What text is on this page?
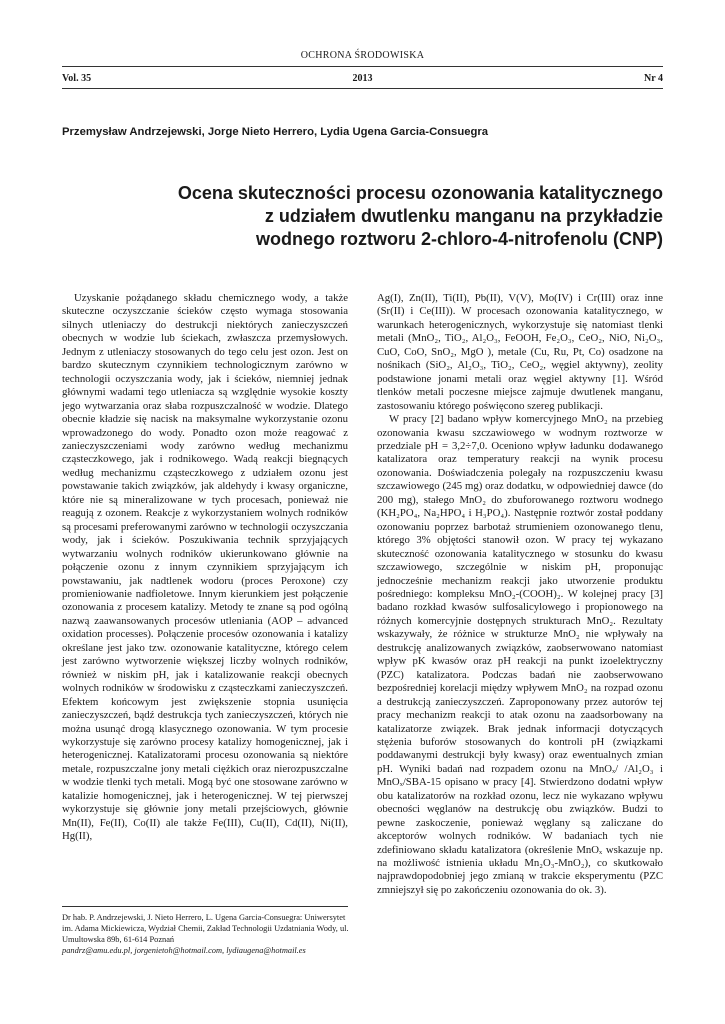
OCHRONA ŚRODOWISKA
2013
Vol. 35	Nr 4
Przemysław Andrzejewski, Jorge Nieto Herrero, Lydia Ugena Garcia-Consuegra
Ocena skuteczności procesu ozonowania katalitycznego
z udziałem dwutlenku manganu na przykładzie
wodnego roztworu 2-chloro-4-nitrofenolu (CNP)

Uzyskanie pożądanego składu chemicznego wody, a także skuteczne oczyszczanie ścieków często wymaga stosowania silnych utleniaczy do destrukcji niektórych zanieczyszczeń obecnych w wodzie lub ściekach, zwłaszcza przemysłowych. Jednym z utleniaczy stosowanych do tego celu jest ozon. Jest on bardzo skutecznym czynnikiem technologicznym zarówno w technologii oczyszczania wody, jak i ścieków, niemniej jednak głównymi wadami tego utleniacza są względnie wysokie koszty jego wytwarzania oraz słaba rozpuszczalność w wodzie. Dlatego obecnie kładzie się nacisk na maksymalne wykorzystanie ozonu wprowadzonego do wody. Ponadto ozon może reagować z zanieczyszczeniami wody zarówno według mechanizmu cząsteczkowego, jak i rodnikowego. Wadą reakcji biegnących według mechanizmu cząsteczkowego z udziałem ozonu jest powstawanie takich związków, jak aldehydy i kwasy organiczne, które nie są mineralizowane w tych procesach, ponieważ nie reagują z ozonem. Reakcje z wykorzystaniem wolnych rodników są procesami preferowanymi zarówno w technologii oczyszczania wody, jak i ścieków. Poszukiwania technik sprzyjających wytwarzaniu wolnych rodników ukierunkowano głównie na połączenie ozonu z innym czynnikiem sprzyjającym ich powstawaniu, jak nadtlenek wodoru (proces Peroxone) czy promieniowanie nadfioletowe. Innym kierunkiem jest połączenie ozonowania z procesem katalizy. Metody te znane są pod ogólną nazwą zaawansowanych procesów utleniania (AOP – advanced oxidation processes). Połączenie procesów ozonowania i katalizy określane jest jako tzw. ozonowanie katalityczne, którego celem jest zarówno wytworzenie większej liczby wolnych rodników, również w niskim pH, jak i katalizowanie reakcji obecnych wolnych rodników w środowisku z cząsteczkami zanieczyszczeń. Efektem końcowym jest zwiększenie stopnia usunięcia zanieczyszczeń, bądź destrukcja tych zanieczyszczeń, których nie można usunąć drogą klasycznego ozonowania. W tym procesie wykorzystuje się zarówno procesy katalizy homogenicznej, jak i heterogenicznej. Katalizatorami procesu ozonowania są niektóre metale, rozpuszczalne jony metali ciężkich oraz nierozpuszczalne w wodzie tlenki tych metali. Mogą być one stosowane zarówno w katalizie homogenicznej, jak i heterogenicznej. W tej pierwszej wykorzystuje się głównie jony metali przejściowych, głównie Mn(II), Fe(II), Co(II) ale także Fe(III), Cu(II), Cd(II), Ni(II), Hg(II),

Ag(I), Zn(II), Ti(II), Pb(II), V(V), Mo(IV) i Cr(III) oraz inne (Sr(II) i Ce(III)). W procesach ozonowania katalitycznego, w warunkach heterogenicznych, wykorzystuje się natomiast tlenki metali (MnO₂, TiO₂, Al₂O₃, FeOOH, Fe₂O₃, CeO₂, NiO, Ni₂O₃, CuO, CoO, SnO₂, MgO ), metale (Cu, Ru, Pt, Co) osadzone na nośnikach (SiO₂, Al₂O₃, TiO₂, CeO₂, węgiel aktywny), zeolity podstawione jonami metali oraz węgiel aktywny [1]. Wśród tlenków metali poczesne miejsce zajmuje dwutlenek manganu, zastosowaniu którego poświęcono szereg publikacji.

W pracy [2] badano wpływ komercyjnego MnO₂ na przebieg ozonowania kwasu szczawiowego w wodnym roztworze w przedziale pH = 3,2÷7,0. Oceniono wpływ ładunku dodawanego katalizatora oraz temperatury reakcji na wynik procesu ozonowania. Doświadczenia polegały na rozpuszczeniu kwasu szczawiowego (245 mg) oraz dodatku, w odpowiedniej dawce (do 200 mg), stałego MnO₂ do zbuforowanego roztworu wodnego (KH₂PO₄, Na₂HPO₄ i H₃PO₄). Następnie roztwór został poddany ozonowaniu poprzez barbotaż strumieniem ozonowanego tlenu, którego 3% objętości stanowił ozon. W pracy tej wykazano skuteczność ozonowania katalitycznego w stosunku do kwasu szczawiowego, szczególnie w niskim pH, proponując jednocześnie mechanizm reakcji jako utworzenie produktu pośredniego: kompleksu MnO₂-(COOH)₂. W kolejnej pracy [3] badano rozkład kwasów sulfosalicylowego i propionowego na różnych komercyjnie dostępnych strukturach MnO₂. Rezultaty wskazywały, że różnice w strukturze MnO₂ nie wpływały na destrukcję analizowanych związków, zaobserwowano natomiast wpływ pK kwasów oraz pH reakcji na punkt izoelektryczny (PZC) katalizatora. Podczas badań nie zaobserwowano bezpośredniej korelacji między wpływem MnO₂ na rozpad ozonu a destrukcją zanieczyszczeń. Zaproponowany przez autorów tej pracy mechanizm reakcji to atak ozonu na zaadsorbowany na katalizatorze związek. Brak jednak informacji dotyczących stężenia buforów stosowanych do kontroli pH (związkami poddawanymi destrukcji były kwasy) oraz ewentualnych zmian pH. Wyniki badań nad rozpadem ozonu na MnOₓ/ /Al₂O₃ i MnOₓ/SBA-15 opisano w pracy [4]. Stwierdzono dodatni wpływ obu katalizatorów na rozkład ozonu, lecz nie wykazano wpływu obecności węglanów na destrukcję obu związków. Budzi to pewne zaskoczenie, ponieważ węglany są zaliczane do akceptorów wolnych rodników. W badaniach tych nie zdefiniowano składu katalizatora (określenie MnOₓ wskazuje np. na możliwość istnienia układu Mn₂O₃-MnO₂), co skutkowało najprawdopodobniej jego zmianą w trakcie eksperymentu (PZC zmniejszył się po zakończeniu ozonowania do ok. 3).

Dr hab. P. Andrzejewski, J. Nieto Herrero, L. Ugena Garcia-Consuegra: Uniwersytet im. Adama Mickiewicza, Wydział Chemii, Zakład Technologii Uzdatniania Wody, ul. Umultowska 89b, 61-614 Poznań
pandrz@amu.edu.pl, jorgenietoh@hotmail.com, lydiaugena@hotmail.es
